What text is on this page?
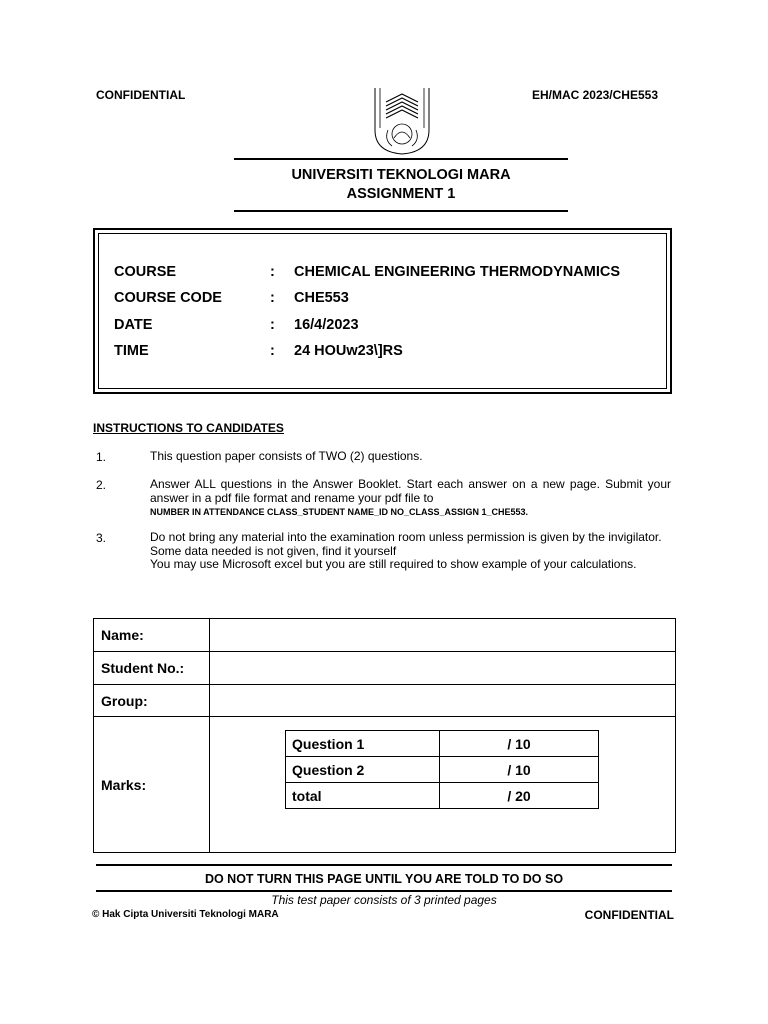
CONFIDENTIAL	EH/MAC 2023/CHE553
UNIVERSITI TEKNOLOGI MARA
ASSIGNMENT 1
COURSE	: CHEMICAL ENGINEERING THERMODYNAMICS
COURSE CODE	: CHE553
DATE	: 16/4/2023
TIME	: 24 HOUw23\]RS
INSTRUCTIONS TO CANDIDATES
1.	This question paper consists of TWO (2) questions.
2.	Answer ALL questions in the Answer Booklet. Start each answer on a new page. Submit your answer in a pdf file format and rename your pdf file to
NUMBER IN ATTENDANCE CLASS_STUDENT NAME_ID NO_CLASS_ASSIGN 1_CHE553.
3.	Do not bring any material into the examination room unless permission is given by the invigilator.
Some data needed is not given, find it yourself
You may use Microsoft excel but you are still required to show example of your calculations.
Name:	
Student No.:	
Group:	
Marks:	
Question 1	/ 10
Question 2	/ 10
total	/ 20
DO NOT TURN THIS PAGE UNTIL YOU ARE TOLD TO DO SO
This test paper consists of 3 printed pages
© Hak Cipta Universiti Teknologi MARA	CONFIDENTIAL
